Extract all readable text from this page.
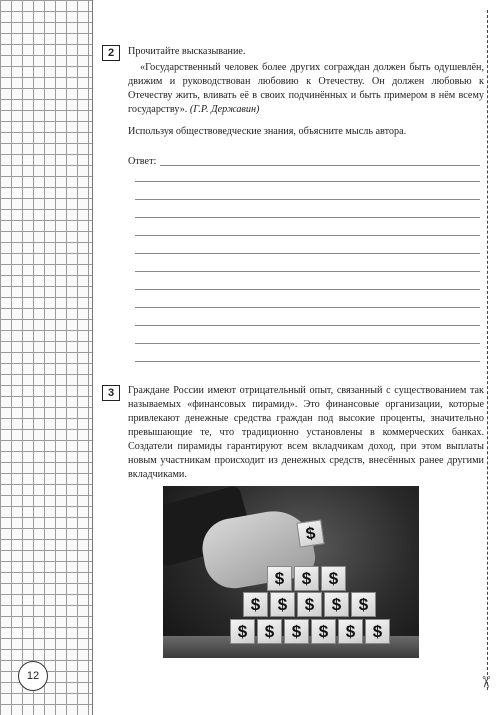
2	Прочитайте высказывание.
«Государственный человек более других сограждан должен быть одушевлён, движим и руководствован любовию к Отечеству. Он должен любовью к Отечеству жить, вливать её в своих подчинённых и быть примером в нём всему государству». (Г.Р. Державин)
Используя обществоведческие знания, объясните мысль автора.
Ответ:
3	Граждане России имеют отрицательный опыт, связанный с существованием так называемых «финансовых пирамид». Это финансовые организации, которые привлекают денежные средства граждан под высокие проценты, значительно превышающие те, что традиционно установлены в коммерческих банках. Создатели пирамиды гарантируют всем вкладчикам доход, при этом выплаты новым участникам происходит из денежных средств, внесённых ранее другими вкладчиками.
$
$	$	$
$	$	$	$	$
$	$	$	$	$	$
12	✂
